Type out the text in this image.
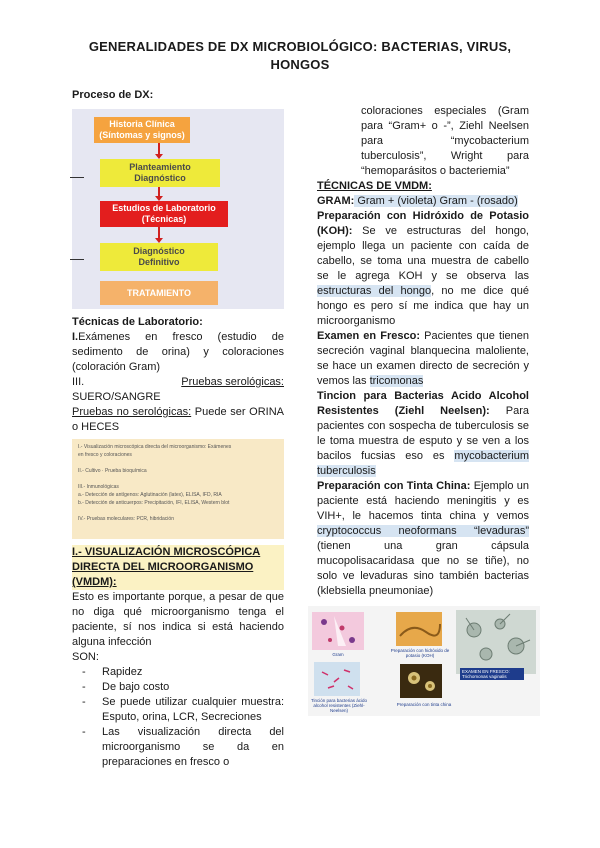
GENERALIDADES DE DX MICROBIOLÓGICO: BACTERIAS, VIRUS, HONGOS

Proceso de DX:

Historia Clínica
(Síntomas y signos)
Planteamiento
Diagnóstico
Estudios de Laboratorio
(Técnicas)
Diagnóstico
Definitivo
TRATAMIENTO

Técnicas de Laboratorio:

I.Exámenes en fresco (estudio de sedimento de orina) y coloraciones (coloración Gram)

III.	Pruebas serológicas:

SUERO/SANGRE

Pruebas no serológicas: Puede ser ORINA o HECES

I.- Visualización microscópica directa del microorganismo: Exámenes
en fresco y coloraciones

II.- Cultivo · Prueba bioquímica

III.- Inmunológicas
a.- Detección de antígenos: Aglutinación (latex), ELISA, IFD, RIA
b.- Detección de anticuerpos: Precipitación, IFI, ELISA, Western blot

IV.- Pruebas moleculares: PCR, hibridación

I.- VISUALIZACIÓN MICROSCÓPICA DIRECTA DEL MICROORGANISMO (VMDM):

Esto es importante porque, a pesar de que no diga qué microorganismo tenga el paciente, sí nos indica si está haciendo alguna infección

SON:

- Rapidez
- De bajo costo
- Se puede utilizar cualquier muestra: Esputo, orina, LCR, Secreciones
- Las visualización directa del microorganismo se da en preparaciones en fresco o

coloraciones especiales (Gram para “Gram+ o -”, Ziehl Neelsen para “mycobacterium tuberculosis”, Wright para “hemoparásitos o bacteriemia”

TÉCNICAS DE VMDM:

GRAM: Gram + (violeta) Gram - (rosado)

Preparación con Hidróxido de Potasio (KOH): Se ve estructuras del hongo, ejemplo llega un paciente con caída de cabello, se toma una muestra de cabello se le agrega KOH y se observa las estructuras del hongo, no me dice qué hongo es pero sí me indica que hay un microorganismo

Examen en Fresco: Pacientes que tienen secreción vaginal blanquecina maloliente, se hace un examen directo de secreción y vemos las tricomonas

Tincion para Bacterias Acido Alcohol Resistentes (Ziehl Neelsen): Para pacientes con sospecha de tuberculosis se le toma muestra de esputo y se ven a los bacilos fucsias eso es mycobacterium tuberculosis

Preparación con Tinta China: Ejemplo un paciente está haciendo meningitis y es VIH+, le hacemos tinta china y vemos cryptococcus neoformans “levaduras” (tienen una gran cápsula mucopolisacaridasa que no se tiñe), no solo ve levaduras sino también bacterias (klebsiella pneumoniae)

Gram
Preparación con hidróxido de potasio (KOH)
EXAMEN EN FRESCO: Trichomonas vaginalis
Tinción para bacterias ácido alcohol resistentes (Ziehl-Neelsen)
Preparación con tinta china
